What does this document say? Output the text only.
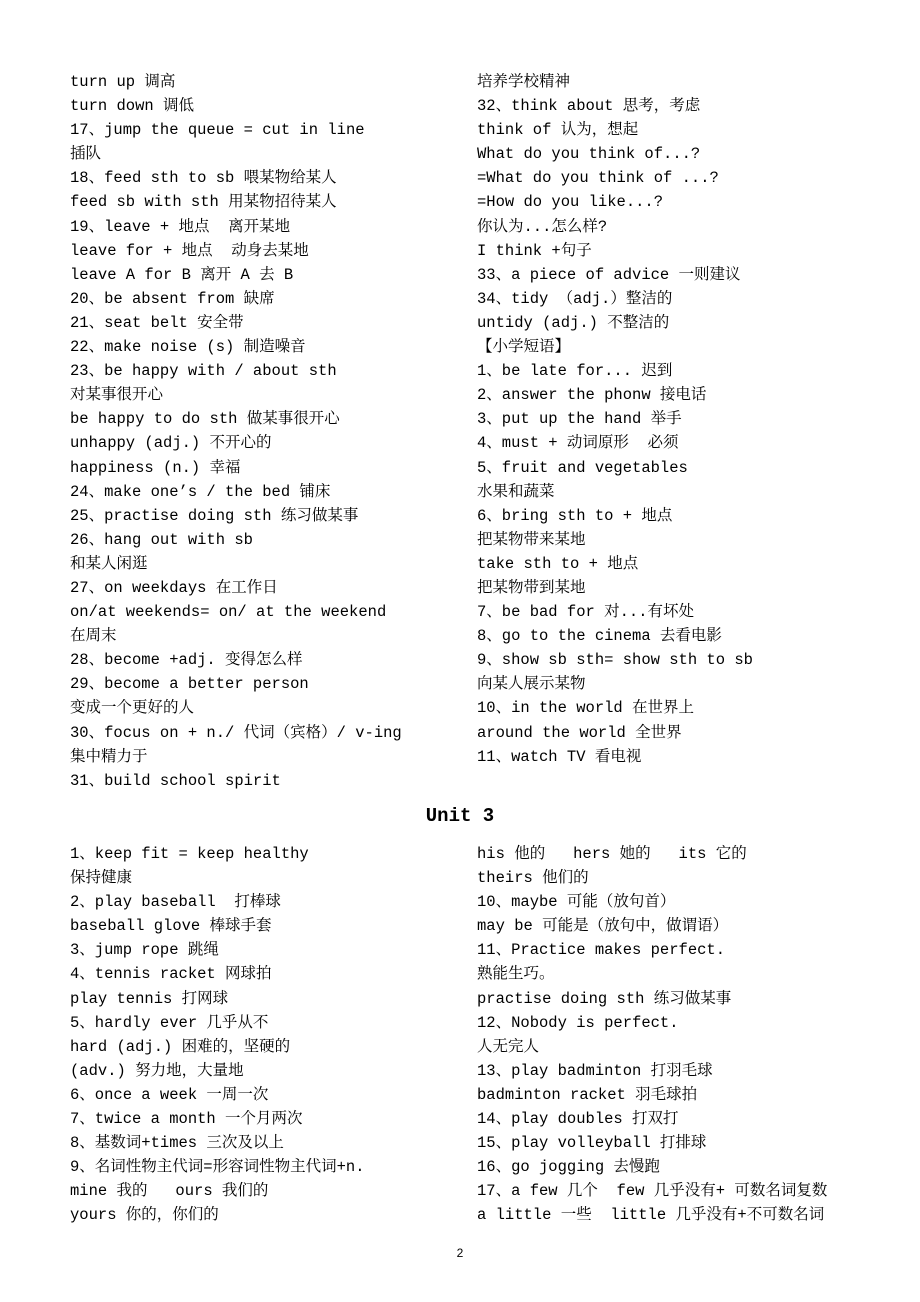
turn up 调高
turn down 调低
17、jump the queue = cut in line
插队
18、feed sth to sb 喂某物给某人
feed sb with sth 用某物招待某人
19、leave + 地点  离开某地
leave for + 地点  动身去某地
leave A for B 离开 A 去 B
20、be absent from 缺席
21、seat belt 安全带
22、make noise (s) 制造噪音
23、be happy with / about sth
对某事很开心
be happy to do sth 做某事很开心
unhappy (adj.) 不开心的
happiness (n.) 幸福
24、make one’s / the bed 铺床
25、practise doing sth 练习做某事
26、hang out with sb
和某人闲逛
27、on weekdays 在工作日
on/at weekends= on/ at the weekend
在周末
28、become +adj. 变得怎么样
29、become a better person
变成一个更好的人
30、focus on + n./ 代词（宾格）/ v-ing
集中精力于
31、build school spirit
培养学校精神
32、think about 思考，考虑
think of 认为，想起
What do you think of...?
=What do you think of ...?
=How do you like...?
你认为...怎么样?
I think +句子
33、a piece of advice 一则建议
34、tidy （adj.）整洁的
untidy (adj.) 不整洁的
【小学短语】
1、be late for... 迟到
2、answer the phonw 接电话
3、put up the hand 举手
4、must + 动词原形  必须
5、fruit and vegetables
水果和蔬菜
6、bring sth to + 地点
把某物带来某地
take sth to + 地点
把某物带到某地
7、be bad for 对...有坏处
8、go to the cinema 去看电影
9、show sb sth= show sth to sb
向某人展示某物
10、in the world 在世界上
around the world 全世界
11、watch TV 看电视
Unit 3
1、keep fit = keep healthy
保持健康
2、play baseball  打棒球
baseball glove 棒球手套
3、jump rope 跳绳
4、tennis racket 网球拍
play tennis 打网球
5、hardly ever 几乎从不
hard (adj.) 困难的，坚硬的
(adv.) 努力地，大量地
6、once a week 一周一次
7、twice a month 一个月两次
8、基数词+times 三次及以上
9、名词性物主代词=形容词性物主代词+n.
mine 我的   ours 我们的
yours 你的，你们的
his 他的   hers 她的   its 它的
theirs 他们的
10、maybe 可能（放句首）
may be 可能是（放句中，做谓语）
11、Practice makes perfect.
熟能生巧。
practise doing sth 练习做某事
12、Nobody is perfect.
人无完人
13、play badminton 打羽毛球
badminton racket 羽毛球拍
14、play doubles 打双打
15、play volleyball 打排球
16、go jogging 去慢跑
17、a few 几个  few 几乎没有+ 可数名词复数
a little 一些  little 几乎没有+不可数名词
2
